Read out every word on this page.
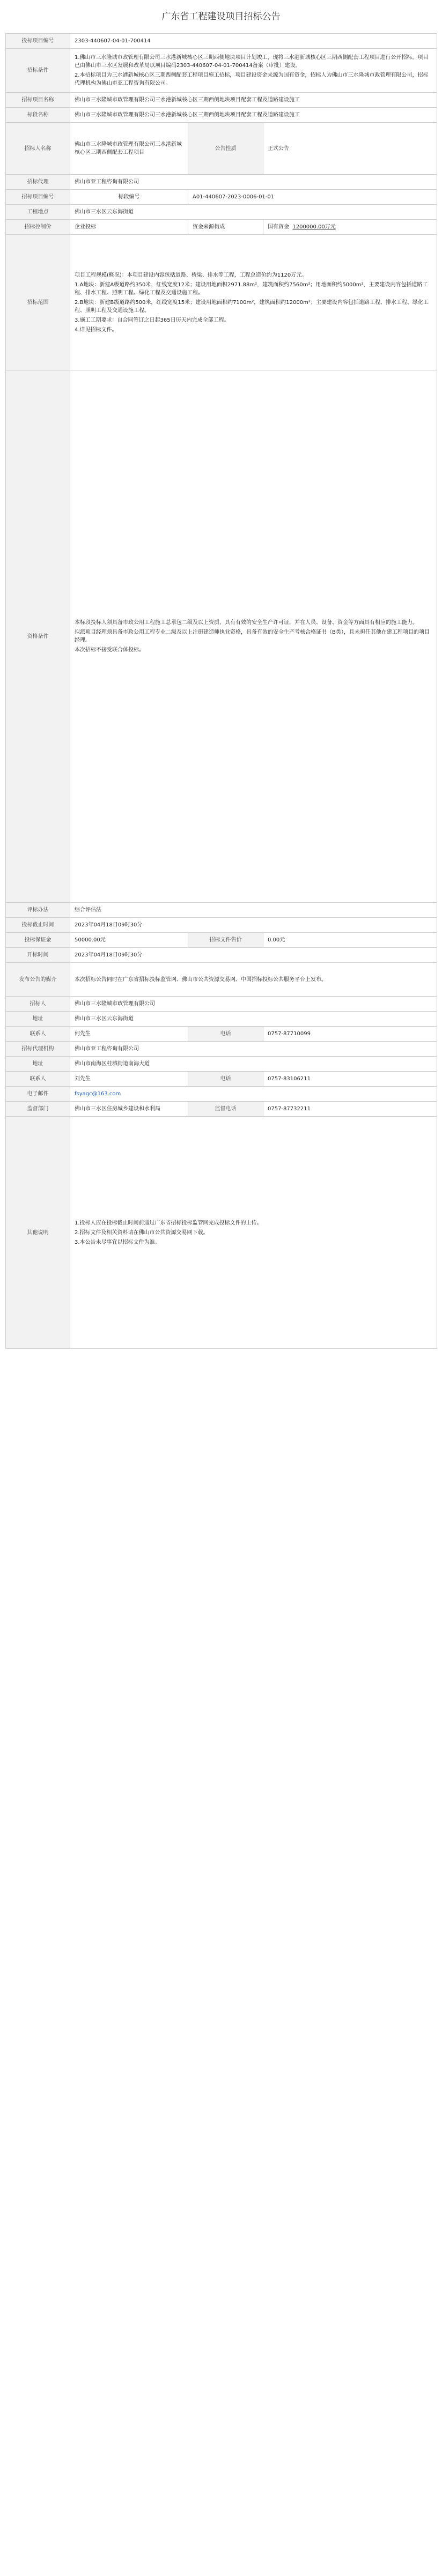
广东省工程建设项目招标公告
投标项目编号	2303-440607-04-01-700414		
招标条件	1.佛山市三水隆城市政管理有限公司三水港新城核心区三期西侧地块项目计划竣工，现将三水港新城核心区三期西侧配套工程项目进行公开招标。项目已由佛山市三水区发展和改革局以项目编码2303-440607-04-01-700414备案（审批）建设。
2.本招标项目为三水港新城核心区三期西侧配套工程项目施工招标，项目建设资金来源为国有资金，招标人为佛山市三水隆城市政管理有限公司，招标代理机构为佛山市亚工程咨询有限公司。		

招标项目名称	佛山市三水隆城市政管理有限公司三水港新城核心区三期西侧地块项目配套工程及道路建设施工		
标段名称	佛山市三水隆城市政管理有限公司三水港新城核心区三期西侧地块项目配套工程及道路建设施工		
招标人名称	佛山市三水隆城市政管理有限公司三水港新城核心区三期西侧配套工程项目	公告性质	正式公告
招标代理	佛山市亚工程咨询有限公司		
招标项目编号	标段编号	A01-440607-2023-0006-01-01	
工程地点	佛山市三水区云东海街道		
招标控制价	企业投标	资金来源构成	国有资金 1200000.00万元
招标范围	项目工程规模(概况)：本项目建设内容包括道路、桥梁、排水等工程，工程总造价约为1120万元。
1.A地块：新建A级道路约350米，红线宽度12米；建设用地面积2971.88m²，建筑面积约7560m²；用地面积约5000m²，主要建设内容包括道路工程、排水工程、照明工程、绿化工程及交通设施工程。
2.B地块：新建B级道路约500米，红线宽度15米；建设用地面积约7100m²，建筑面积约12000m²；主要建设内容包括道路工程、排水工程、绿化工程、照明工程及交通设施工程。
3.施工工期要求：自合同签订之日起365日历天内完成全部工程。
4.详见招标文件。		

资格条件	本标段投标人须具备市政公用工程施工总承包二级及以上资质，具有有效的安全生产许可证，并在人员、设备、资金等方面具有相应的施工能力。
拟派项目经理须具备市政公用工程专业二级及以上注册建造师执业资格，具备有效的安全生产考核合格证书（B类），且未担任其他在建工程项目的项目经理。
本次招标不接受联合体投标。		

评标办法	综合评估法		
投标截止时间	2023年04月18日09时30分		
投标保证金	50000.00元	招标文件售价	0.00元
开标时间	2023年04月18日09时30分		
发布公告的媒介	本次招标公告同时在广东省招标投标监管网、佛山市公共资源交易网、中国招标投标公共服务平台上发布。		
招标人	佛山市三水隆城市政管理有限公司		
地址	佛山市三水区云东海街道		
联系人	何先生	电话	0757-87710099
招标代理机构	佛山市亚工程咨询有限公司		
地址	佛山市南海区桂城街道南海大道		
联系人	刘先生	电话	0757-83106211
电子邮件	fsyagc@163.com		
监督部门	佛山市三水区住房城乡建设和水利局	监督电话	0757-87732211
其他说明	1.投标人应在投标截止时间前通过广东省招标投标监管网完成投标文件的上传。
2.招标文件及相关资料请在佛山市公共资源交易网下载。
3.本公告未尽事宜以招标文件为准。		
